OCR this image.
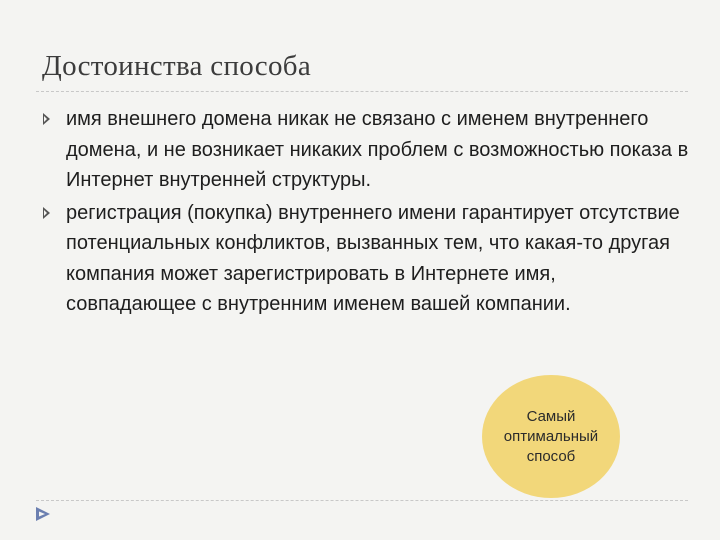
Достоинства способа
имя внешнего домена никак не связано с именем внутреннего домена, и не возникает никаких проблем с возможностью показа в Интернет внутренней структуры.
регистрация (покупка) внутреннего имени гарантирует отсутствие потенциальных конфликтов, вызванных тем, что какая-то другая компания может зарегистрировать в Интернете имя, совпадающее с внутренним именем вашей компании.
Самый оптимальный способ
